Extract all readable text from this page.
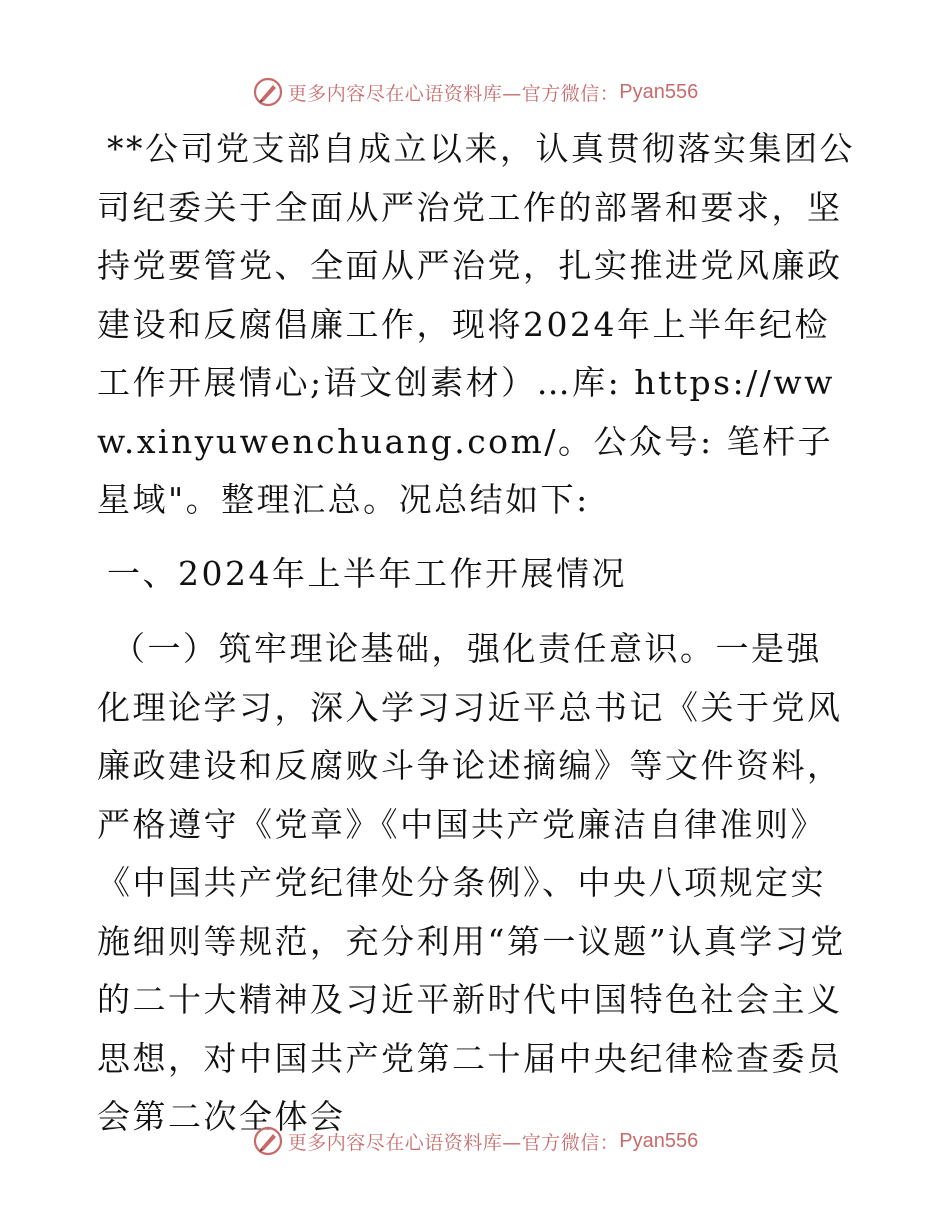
更多内容尽在心语资料库—官方微信： Pyan556

**公司党支部自成立以来，认真贯彻落实集团公司纪委关于全面从严治党工作的部署和要求，坚持党要管党、全面从严治党，扎实推进党风廉政建设和反腐倡廉工作，现将2024年上半年纪检工作开展情心;语文创素材）…库: https://www.xinyuwenchuang.com/。公众号: 笔杆子星域"。整理汇总。况总结如下:

一、2024年上半年工作开展情况

（一）筑牢理论基础，强化责任意识。一是强化理论学习，深入学习习近平总书记《关于党风廉政建设和反腐败斗争论述摘编》等文件资料，严格遵守《党章》《中国共产党廉洁自律准则》《中国共产党纪律处分条例》、中央八项规定实施细则等规范，充分利用“第一议题”认真学习党的二十大精神及习近平新时代中国特色社会主义思想，对中国共产党第二十届中央纪律检查委员会第二次全体会

更多内容尽在心语资料库—官方微信： Pyan556
